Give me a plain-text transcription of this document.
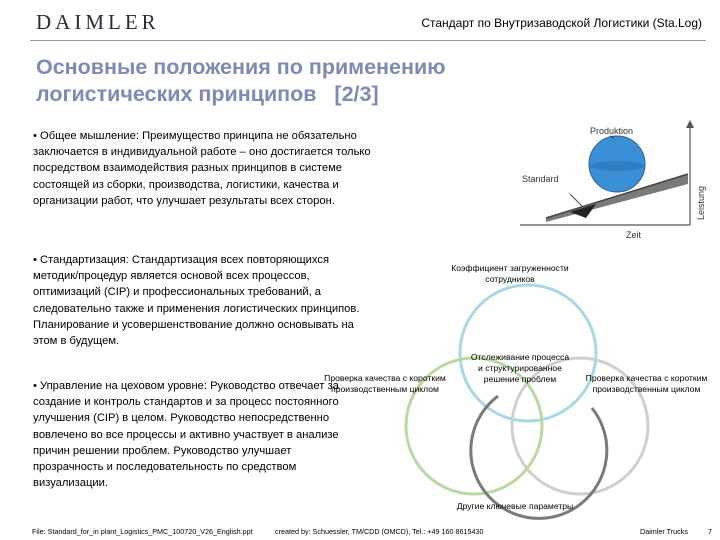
DAIMLER	Стандарт по Внутризаводской Логистики (Sta.Log)
Основные положения по применению
логистических принципов   [2/3]

• Общее мышление: Преимущество принципа не обязательно заключается в индивидуальной работе – оно достигается только посредством взаимодействия разных принципов в системе состоящей из сборки, производства, логистики, качества и организации работ, что улучшает результаты всех сторон.

• Стандартизация: Стандартизация всех повторяющихся методик/процедур является основой всех процессов, оптимизаций (CIP) и профессиональных требований, а следовательно также и применения логистических принципов. Планирование и усовершенствование должно основывать на этом в будущем.

• Управление на цеховом уровне: Руководство отвечает за создание и контроль стандартов и за процесс постоянного улучшения (CIP) в целом. Руководство непосредственно вовлечено во все процессы и активно участвует в анализе причин решении проблем. Руководство улучшает прозрачность и последовательность по средством визуализации.

Produktion
Standard
Zeit
Leistung
Коэффициент загруженности сотрудников
Отслеживание процесса и структурированное решение проблем
Проверка качества с коротким производственным циклом
Проверка качества с коротким производственным циклом
Другие ключевые параметры
File: Standard_for_in plant_Logistics_PMC_100720_V26_English.ppt	created by: Schuessler, TM/CDD (OMCD), Tel.: +49 160 8615430	Daimler Trucks	7
